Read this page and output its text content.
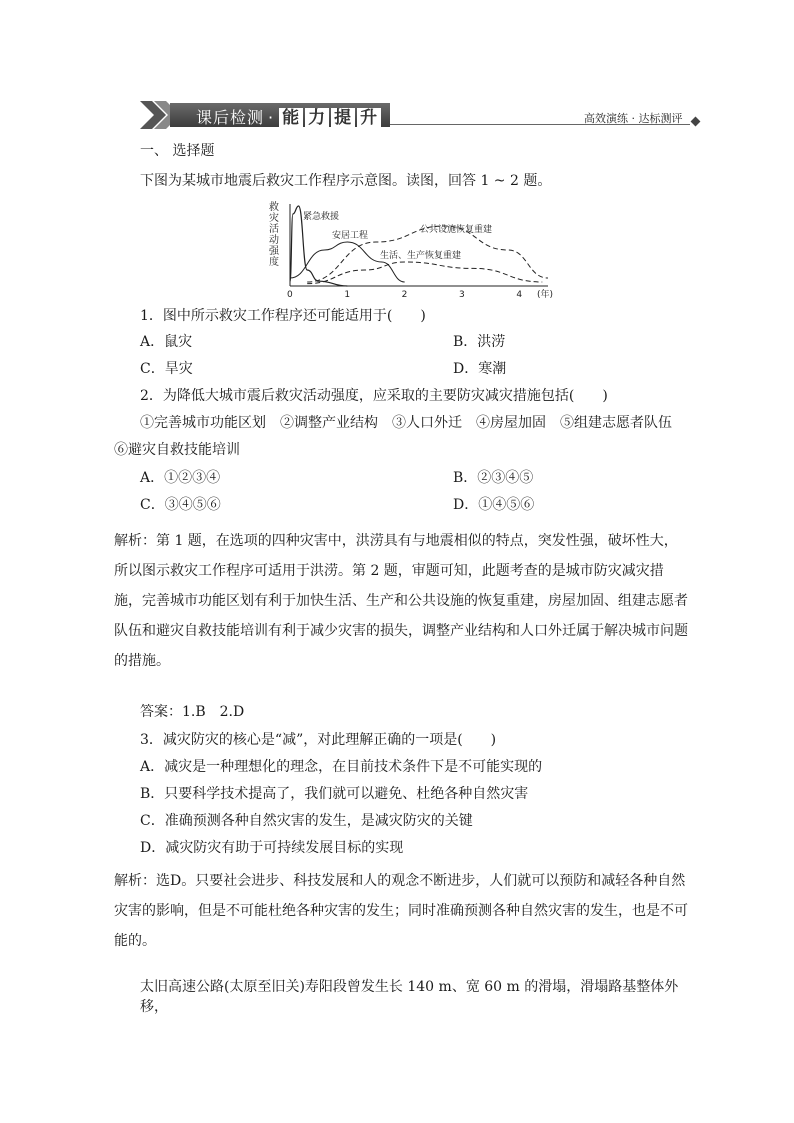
课后检测 · 能 力 提 升	高效演练 · 达标测评
一、 选择题
下图为某城市地震后救灾工作程序示意图。读图，回答 1 ~ 2 题。
救
灾
活
动
强
度
0	1	2	3	4 (年)
紧急救援
安居工程
公共设施恢复重建
生活、生产恢复重建
1．图中所示救灾工作程序还可能适用于(　　)
A．鼠灾	B．洪涝
C．旱灾	D．寒潮
2．为降低大城市震后救灾活动强度，应采取的主要防灾减灾措施包括(　　)
①完善城市功能区划　②调整产业结构　③人口外迁　④房屋加固　⑤组建志愿者队伍
⑥避灾自救技能培训
A．①②③④	B．②③④⑤
C．③④⑤⑥	D．①④⑤⑥
解析：第 1 题，在选项的四种灾害中，洪涝具有与地震相似的特点，突发性强，破坏性大，所以图示救灾工作程序可适用于洪涝。第 2 题，审题可知，此题考查的是城市防灾减灾措施，完善城市功能区划有利于加快生活、生产和公共设施的恢复重建，房屋加固、组建志愿者队伍和避灾自救技能培训有利于减少灾害的损失，调整产业结构和人口外迁属于解决城市问题的措施。
答案：1.B　2.D
3．减灾防灾的核心是“减”，对此理解正确的一项是(　　)
A．减灾是一种理想化的理念，在目前技术条件下是不可能实现的
B．只要科学技术提高了，我们就可以避免、杜绝各种自然灾害
C．准确预测各种自然灾害的发生，是减灾防灾的关键
D．减灾防灾有助于可持续发展目标的实现
解析：选D。只要社会进步、科技发展和人的观念不断进步，人们就可以预防和减轻各种自然灾害的影响，但是不可能杜绝各种灾害的发生；同时准确预测各种自然灾害的发生，也是不可能的。
太旧高速公路(太原至旧关)寿阳段曾发生长 140 m、宽 60 m 的滑塌，滑塌路基整体外移，
